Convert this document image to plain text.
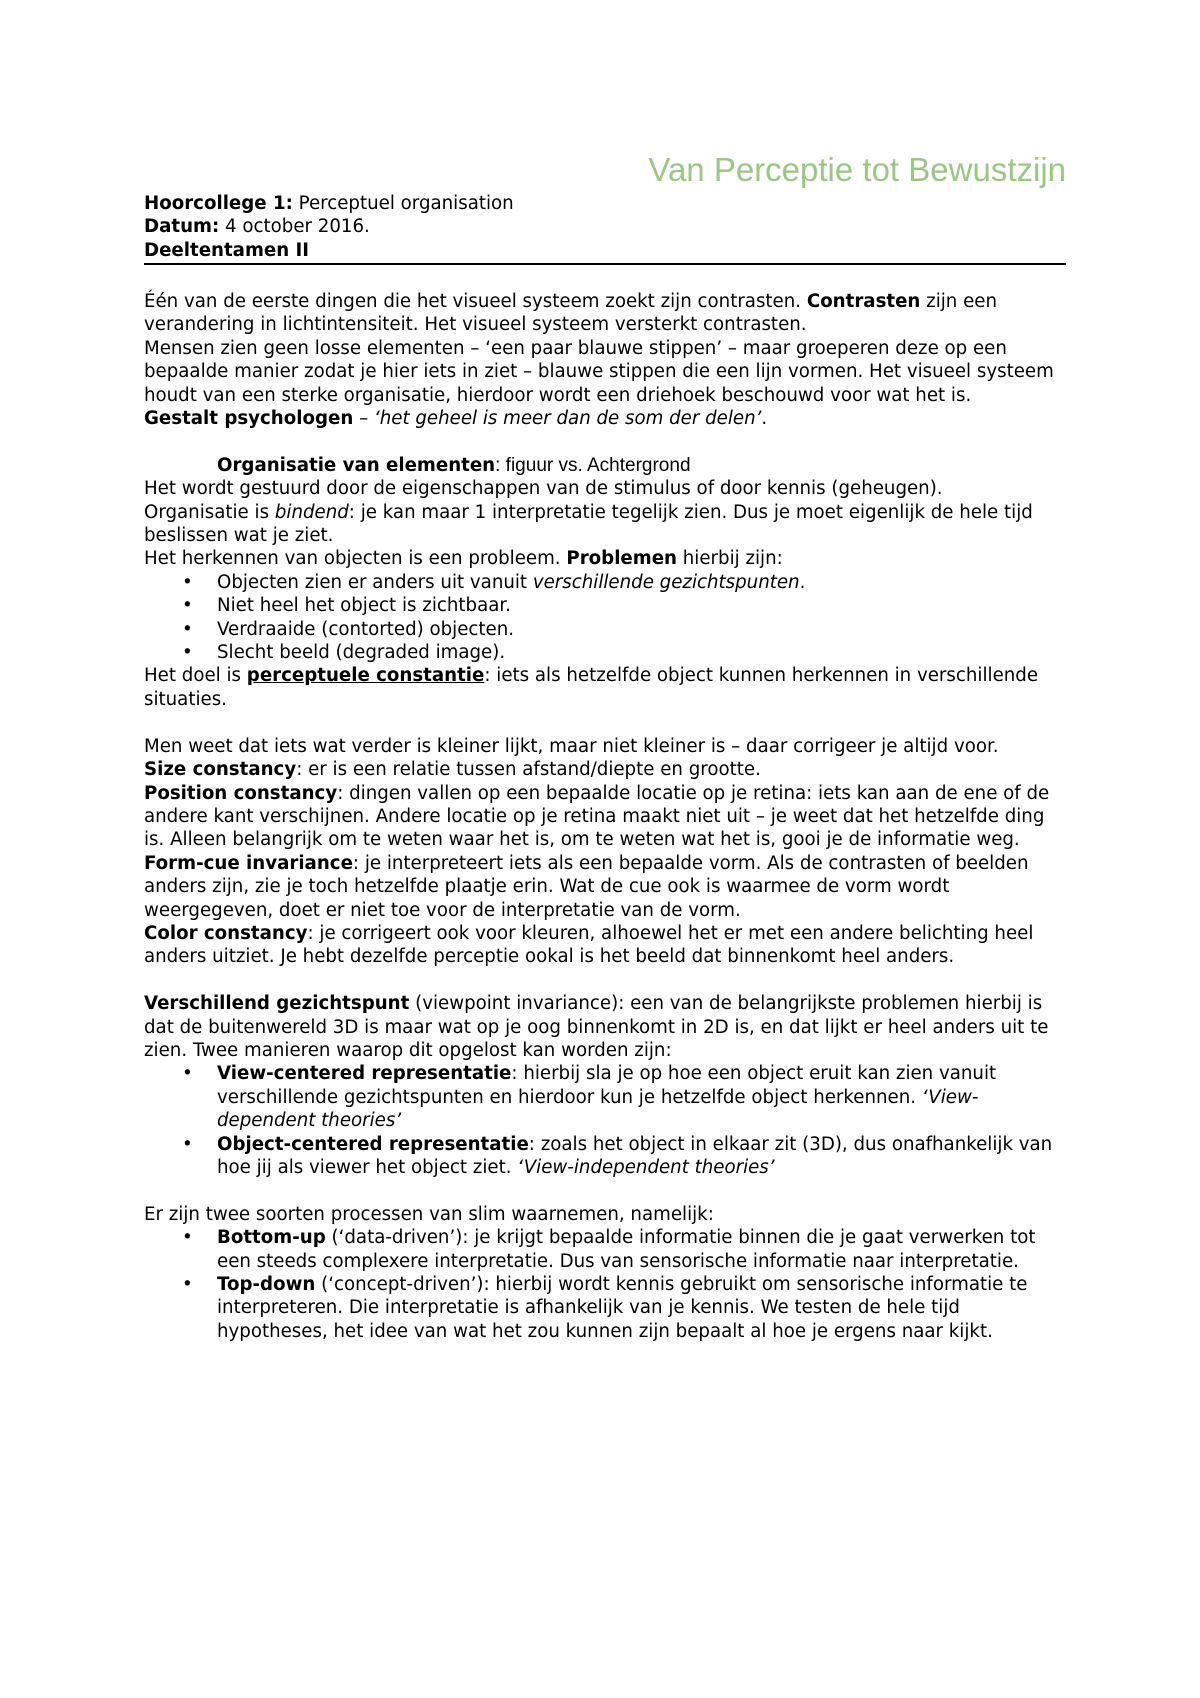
Van Perceptie tot Bewustzijn

Hoorcollege 1: Perceptuel organisation

Datum: 4 october 2016.

Deeltentamen II

Één van de eerste dingen die het visueel systeem zoekt zijn contrasten. Contrasten zijn een verandering in lichtintensiteit. Het visueel systeem versterkt contrasten.

Mensen zien geen losse elementen – ‘een paar blauwe stippen’ – maar groeperen deze op een bepaalde manier zodat je hier iets in ziet – blauwe stippen die een lijn vormen. Het visueel systeem houdt van een sterke organisatie, hierdoor wordt een driehoek beschouwd voor wat het is.

Gestalt psychologen – ‘het geheel is meer dan de som der delen’.

Organisatie van elementen: figuur vs. Achtergrond

Het wordt gestuurd door de eigenschappen van de stimulus of door kennis (geheugen).

Organisatie is bindend: je kan maar 1 interpretatie tegelijk zien. Dus je moet eigenlijk de hele tijd beslissen wat je ziet.

Het herkennen van objecten is een probleem. Problemen hierbij zijn:

• Objecten zien er anders uit vanuit verschillende gezichtspunten.
• Niet heel het object is zichtbaar.
• Verdraaide (contorted) objecten.
• Slecht beeld (degraded image).

Het doel is perceptuele constantie: iets als hetzelfde object kunnen herkennen in verschillende situaties.

Men weet dat iets wat verder is kleiner lijkt, maar niet kleiner is – daar corrigeer je altijd voor.

Size constancy: er is een relatie tussen afstand/diepte en grootte.

Position constancy: dingen vallen op een bepaalde locatie op je retina: iets kan aan de ene of de andere kant verschijnen. Andere locatie op je retina maakt niet uit – je weet dat het hetzelfde ding is. Alleen belangrijk om te weten waar het is, om te weten wat het is, gooi je de informatie weg.

Form-cue invariance: je interpreteert iets als een bepaalde vorm. Als de contrasten of beelden anders zijn, zie je toch hetzelfde plaatje erin. Wat de cue ook is waarmee de vorm wordt weergegeven, doet er niet toe voor de interpretatie van de vorm.

Color constancy: je corrigeert ook voor kleuren, alhoewel het er met een andere belichting heel anders uitziet. Je hebt dezelfde perceptie ookal is het beeld dat binnenkomt heel anders.

Verschillend gezichtspunt (viewpoint invariance): een van de belangrijkste problemen hierbij is dat de buitenwereld 3D is maar wat op je oog binnenkomt in 2D is, en dat lijkt er heel anders uit te zien. Twee manieren waarop dit opgelost kan worden zijn:

• View-centered representatie: hierbij sla je op hoe een object eruit kan zien vanuit verschillende gezichtspunten en hierdoor kun je hetzelfde object herkennen. ‘View-dependent theories’
• Object-centered representatie: zoals het object in elkaar zit (3D), dus onafhankelijk van hoe jij als viewer het object ziet. ‘View-independent theories’

Er zijn twee soorten processen van slim waarnemen, namelijk:

• Bottom-up (‘data-driven’): je krijgt bepaalde informatie binnen die je gaat verwerken tot een steeds complexere interpretatie. Dus van sensorische informatie naar interpretatie.
• Top-down (‘concept-driven’): hierbij wordt kennis gebruikt om sensorische informatie te interpreteren. Die interpretatie is afhankelijk van je kennis. We testen de hele tijd hypotheses, het idee van wat het zou kunnen zijn bepaalt al hoe je ergens naar kijkt.
